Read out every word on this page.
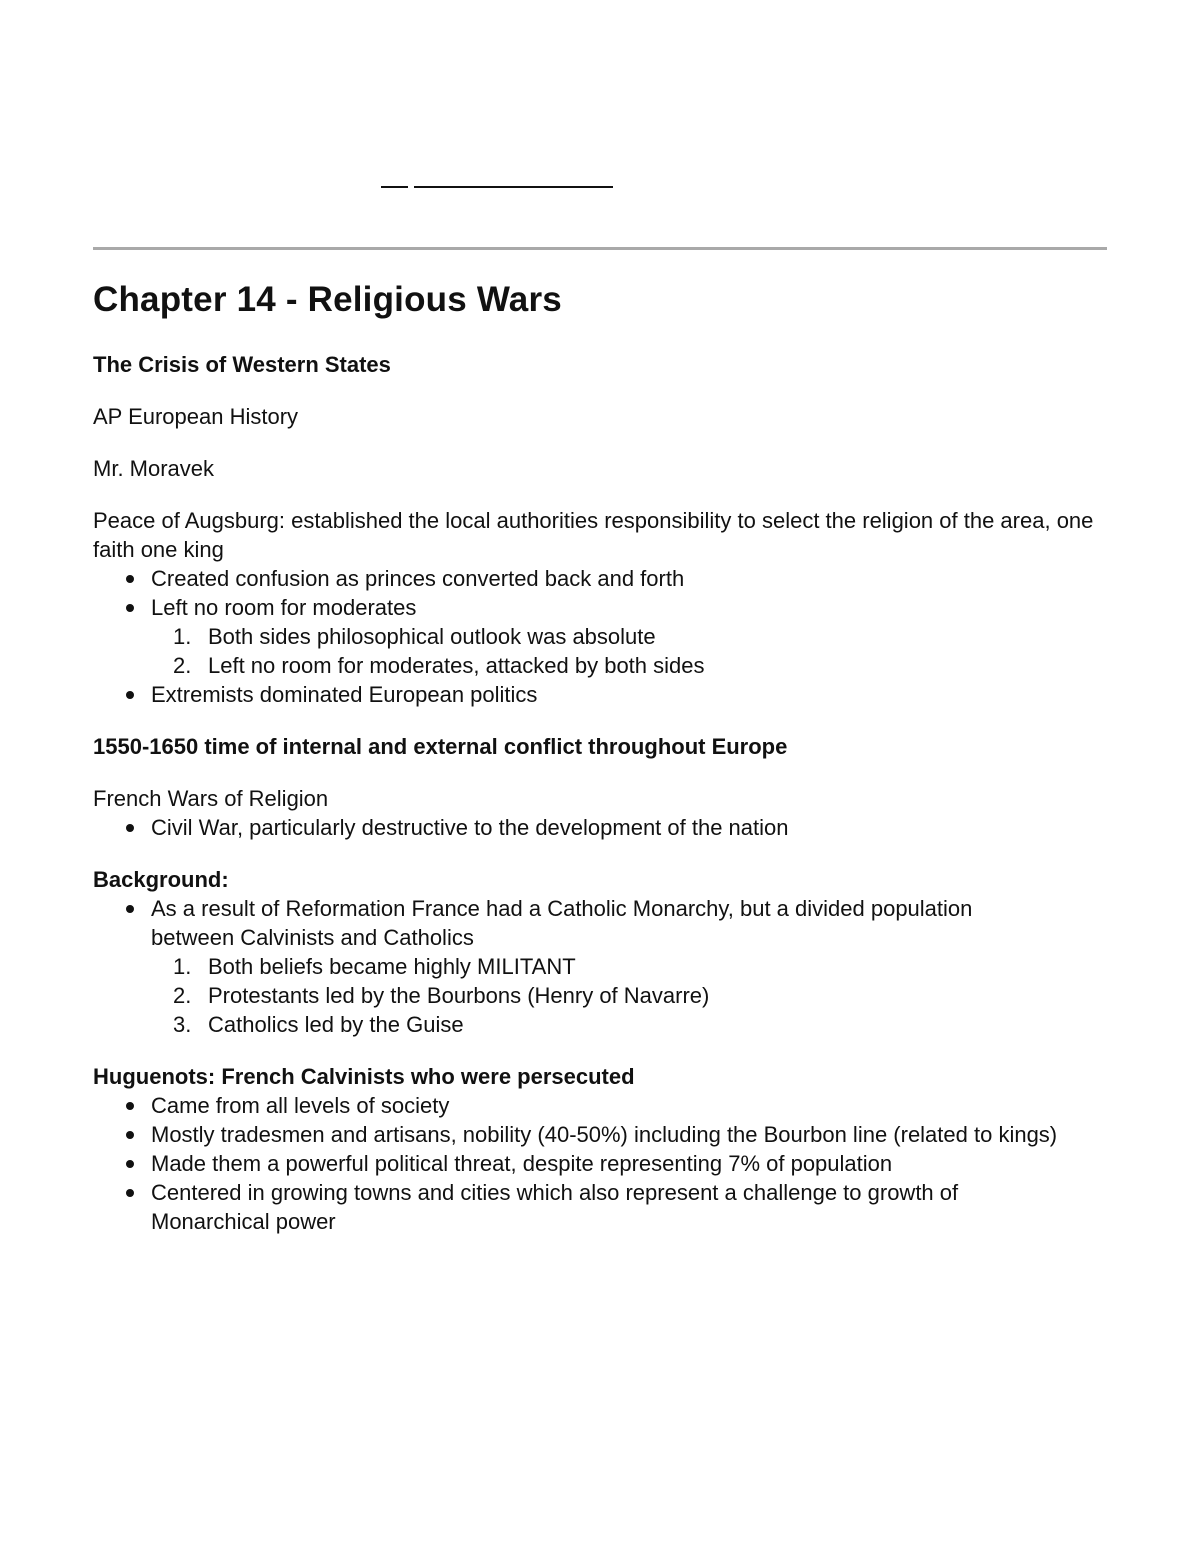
Chapter 14 - Religious Wars

The Crisis of Western States

AP European History

Mr. Moravek

Peace of Augsburg: established the local authorities responsibility to select the religion of the area, one faith one king

Created confusion as princes converted back and forth
Left no room for moderates
1. Both sides philosophical outlook was absolute
2. Left no room for moderates, attacked by both sides
Extremists dominated European politics

1550-1650 time of internal and external conflict throughout Europe

French Wars of Religion

Civil War, particularly destructive to the development of the nation

Background:

As a result of Reformation France had a Catholic Monarchy, but a divided population between Calvinists and Catholics
1. Both beliefs became highly MILITANT
2. Protestants led by the Bourbons (Henry of Navarre)
3. Catholics led by the Guise

Huguenots: French Calvinists who were persecuted

Came from all levels of society
Mostly tradesmen and artisans, nobility (40-50%) including the Bourbon line (related to kings)
Made them a powerful political threat, despite representing 7% of population
Centered in growing towns and cities which also represent a challenge to growth of Monarchical power
